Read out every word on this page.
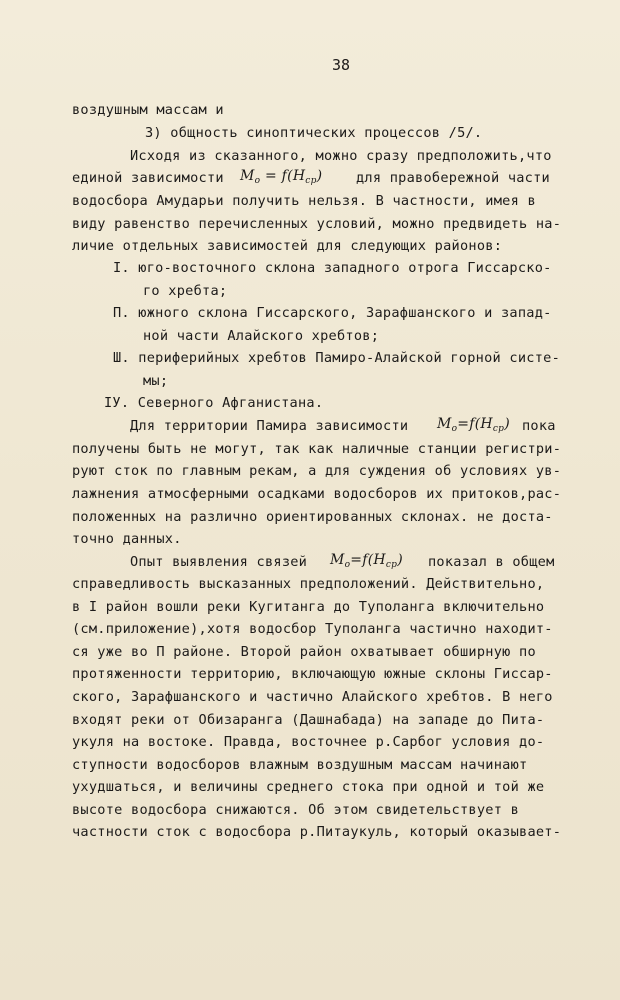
38
воздушным массам и
3) общность синоптических процессов /5/.
Исходя из сказанного, можно сразу предположить,что
единой зависимости $M_o = f(H_{ср})$ для правобережной части
водосбора Амударьи получить нельзя. В частности, имея в
виду равенство перечисленных условий, можно предвидеть на-
личие отдельных зависимостей для следующих районов:
I. юго-восточного склона западного отрога Гиссарско-
го хребта;
П. южного склона Гиссарского, Зарафшанского и запад-
ной части Алайского хребтов;
Ш. периферийных хребтов Памиро-Алайской горной систе-
мы;
IУ. Северного Афганистана.
Для территории Памира зависимости $M_o=f(H_{ср})$ пока
получены быть не могут, так как наличные станции регистри-
руют сток по главным рекам, а для суждения об условиях ув-
лажнения атмосферными осадками водосборов их притоков,рас-
положенных на различно ориентированных склонах. не доста-
точно данных.
Опыт выявления связей $M_o=f(H_{ср})$ показал в общем
справедливость высказанных предположений. Действительно,
в I район вошли реки Кугитанга до Туполанга включительно
(см.приложение),хотя водосбор Туполанга частично находит-
ся уже во П районе. Второй район охватывает обширную по
протяженности территорию, включающую южные склоны Гиссар-
ского, Зарафшанского и частично Алайского хребтов. В него
входят реки от Обизаранга (Дашнабада) на западе до Пита-
укуля на востоке. Правда, восточнее р.Сарбог условия до-
ступности водосборов влажным воздушным массам начинают
ухудшаться, и величины среднего стока при одной и той же
высоте водосбора снижаются. Об этом свидетельствует в
частности сток с водосбора р.Питаукуль, который оказывает-
